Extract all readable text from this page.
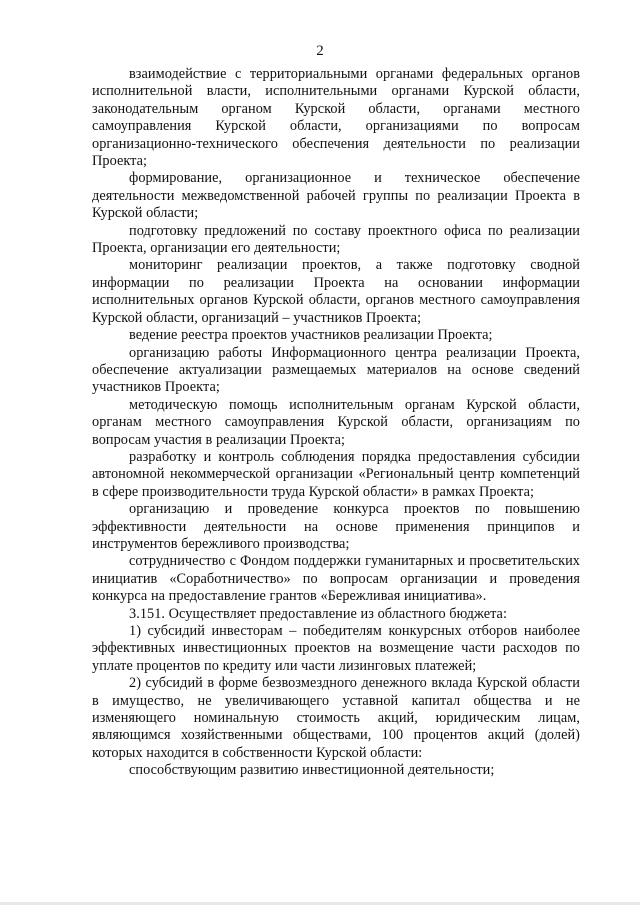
2

взаимодействие с территориальными органами федеральных органов исполнительной власти, исполнительными органами Курской области, законодательным органом Курской области, органами местного самоуправления Курской области, организациями по вопросам организационно-технического обеспечения деятельности по реализации Проекта;

формирование, организационное и техническое обеспечение деятельности межведомственной рабочей группы по реализации Проекта в Курской области;

подготовку предложений по составу проектного офиса по реализации Проекта, организации его деятельности;

мониторинг реализации проектов, а также подготовку сводной информации по реализации Проекта на основании информации исполнительных органов Курской области, органов местного самоуправления Курской области, организаций – участников Проекта;

ведение реестра проектов участников реализации Проекта;

организацию работы Информационного центра реализации Проекта, обеспечение актуализации размещаемых материалов на основе сведений участников Проекта;

методическую помощь исполнительным органам Курской области, органам местного самоуправления Курской области, организациям по вопросам участия в реализации Проекта;

разработку и контроль соблюдения порядка предоставления субсидии автономной некоммерческой организации «Региональный центр компетенций в сфере производительности труда Курской области» в рамках Проекта;

организацию и проведение конкурса проектов по повышению эффективности деятельности на основе применения принципов и инструментов бережливого производства;

сотрудничество с Фондом поддержки гуманитарных и просветительских инициатив «Соработничество» по вопросам организации и проведения конкурса на предоставление грантов «Бережливая инициатива».

3.151. Осуществляет предоставление из областного бюджета:

1) субсидий инвесторам – победителям конкурсных отборов наиболее эффективных инвестиционных проектов на возмещение части расходов по уплате процентов по кредиту или части лизинговых платежей;

2) субсидий в форме безвозмездного денежного вклада Курской области в имущество, не увеличивающего уставной капитал общества и не изменяющего номинальную стоимость акций, юридическим лицам, являющимся хозяйственными обществами, 100 процентов акций (долей) которых находится в собственности Курской области:

способствующим развитию инвестиционной деятельности;
